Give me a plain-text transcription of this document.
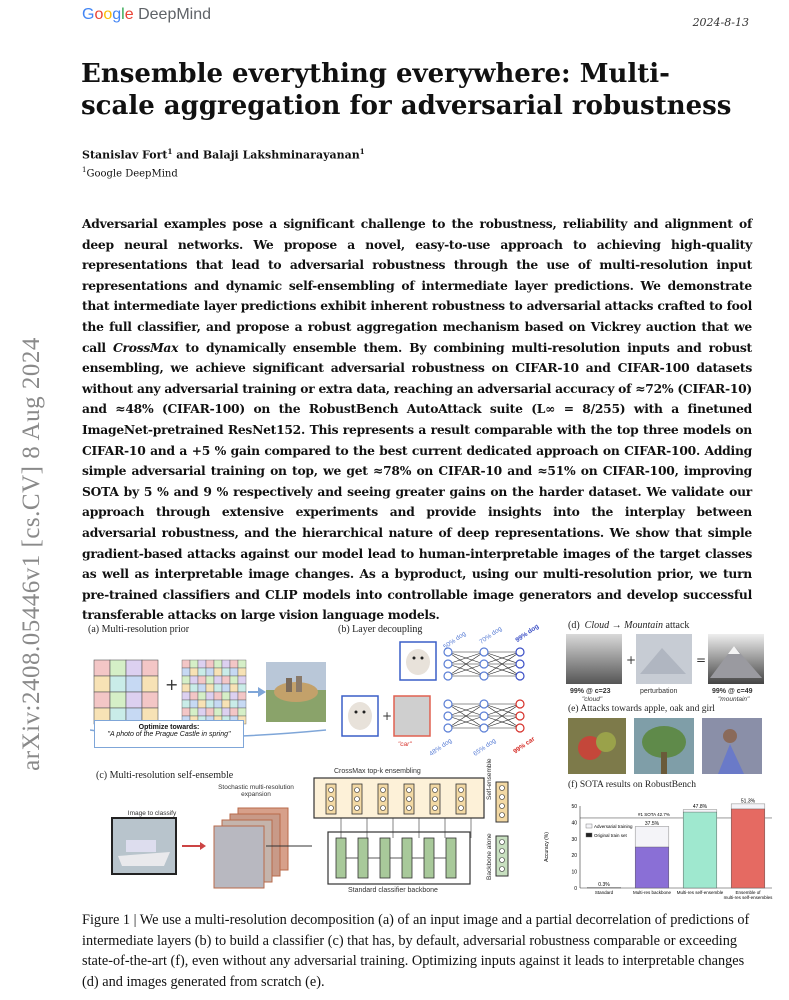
Google DeepMind	2024-8-13
arXiv:2408.05446v1 [cs.CV] 8 Aug 2024
Ensemble everything everywhere: Multi-scale aggregation for adversarial robustness
Stanislav Fort$^1$ and Balaji Lakshminarayanan$^1$
$^1$Google DeepMind

Adversarial examples pose a significant challenge to the robustness, reliability and alignment of deep neural networks. We propose a novel, easy-to-use approach to achieving high-quality representations that lead to adversarial robustness through the use of multi-resolution input representations and dynamic self-ensembling of intermediate layer predictions. We demonstrate that intermediate layer predictions exhibit inherent robustness to adversarial attacks crafted to fool the full classifier, and propose a robust aggregation mechanism based on Vickrey auction that we call CrossMax to dynamically ensemble them. By combining multi-resolution inputs and robust ensembling, we achieve significant adversarial robustness on CIFAR-10 and CIFAR-100 datasets without any adversarial training or extra data, reaching an adversarial accuracy of ≈72% (CIFAR-10) and ≈48% (CIFAR-100) on the RobustBench AutoAttack suite (L∞ = 8/255) with a finetuned ImageNet-pretrained ResNet152. This represents a result comparable with the top three models on CIFAR-10 and a +5 % gain compared to the best current dedicated approach on CIFAR-100. Adding simple adversarial training on top, we get ≈78% on CIFAR-10 and ≈51% on CIFAR-100, improving SOTA by 5 % and 9 % respectively and seeing greater gains on the harder dataset. We validate our approach through extensive experiments and provide insights into the interplay between adversarial robustness, and the hierarchical nature of deep representations. We show that simple gradient-based attacks against our model lead to human-interpretable images of the target classes as well as interpretable image changes. As a byproduct, using our multi-resolution prior, we turn pre-trained classifiers and CLIP models into controllable image generators and develop successful transferable attacks on large vision language models.

(a) Multi-resolution prior
+
Optimize towards:
"A photo of the Prague Castle in spring"
(b) Layer decoupling
+
"car"
50% dog 70% dog 99% dog
48% dog	65% dog 99% car
(d) Cloud → Mountain attack
+	=
99% @ c=23
"cloud"
perturbation	99% @ c=49
"mountain"
(e) Attacks towards apple, oak and girl
(c) Multi-resolution self-ensemble
Image to classify
Stochastic multi-resolution expansion
CrossMax top-k ensembling
Standard classifier backbone
Self-ensemble
Backbone alone
(f) SOTA results on RobustBench
0
10
20
30
40
50
Accuracy (%)
#1 SOTA 42.7%
0.3%
Standard
37.5%
Multi-res backbone
47.8%
Multi-res self-ensemble
51.3%
Ensemble of
multi-res self-ensembles
Adversarial training
Original train set

Figure 1 | We use a multi-resolution decomposition (a) of an input image and a partial decorrelation of predictions of intermediate layers (b) to build a classifier (c) that has, by default, adversarial robustness comparable or exceeding state-of-the-art (f), even without any adversarial training. Optimizing inputs against it leads to interpretable changes (d) and images generated from scratch (e).
